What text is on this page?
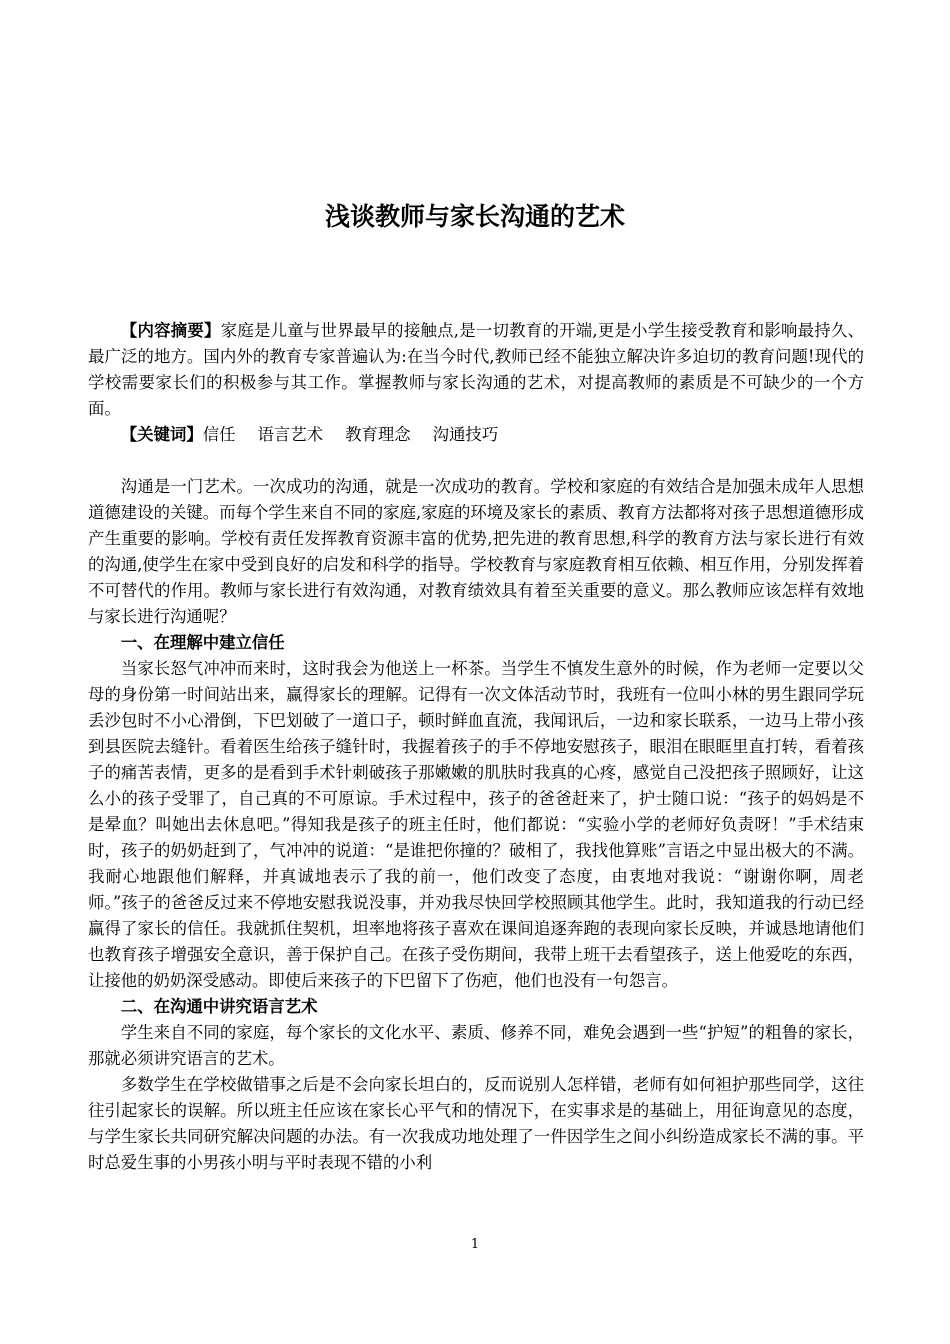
浅谈教师与家长沟通的艺术

【内容摘要】家庭是儿童与世界最早的接触点,是一切教育的开端,更是小学生接受教育和影响最持久、最广泛的地方。国内外的教育专家普遍认为:在当今时代,教师已经不能独立解决许多迫切的教育问题!现代的学校需要家长们的积极参与其工作。掌握教师与家长沟通的艺术，对提高教师的素质是不可缺少的一个方面。

【关键词】信任 语言艺术 教育理念 沟通技巧

沟通是一门艺术。一次成功的沟通，就是一次成功的教育。学校和家庭的有效结合是加强未成年人思想道德建设的关键。而每个学生来自不同的家庭,家庭的环境及家长的素质、教育方法都将对孩子思想道德形成产生重要的影响。学校有责任发挥教育资源丰富的优势,把先进的教育思想,科学的教育方法与家长进行有效的沟通,使学生在家中受到良好的启发和科学的指导。学校教育与家庭教育相互依赖、相互作用，分别发挥着不可替代的作用。教师与家长进行有效沟通，对教育绩效具有着至关重要的意义。那么教师应该怎样有效地与家长进行沟通呢？

一、在理解中建立信任

当家长怒气冲冲而来时，这时我会为他送上一杯茶。当学生不慎发生意外的时候，作为老师一定要以父母的身份第一时间站出来，赢得家长的理解。记得有一次文体活动节时，我班有一位叫小林的男生跟同学玩丢沙包时不小心滑倒，下巴划破了一道口子，顿时鲜血直流，我闻讯后，一边和家长联系，一边马上带小孩到县医院去缝针。看着医生给孩子缝针时，我握着孩子的手不停地安慰孩子，眼泪在眼眶里直打转，看着孩子的痛苦表情，更多的是看到手术针刺破孩子那嫩嫩的肌肤时我真的心疼，感觉自己没把孩子照顾好，让这么小的孩子受罪了，自己真的不可原谅。手术过程中，孩子的爸爸赶来了，护士随口说：“孩子的妈妈是不是晕血？叫她出去休息吧。”得知我是孩子的班主任时，他们都说：“实验小学的老师好负责呀！”手术结束时，孩子的奶奶赶到了，气冲冲的说道：“是谁把你撞的？破相了，我找他算账”言语之中显出极大的不满。我耐心地跟他们解释，并真诚地表示了我的前一，他们改变了态度，由衷地对我说：“谢谢你啊，周老师。”孩子的爸爸反过来不停地安慰我说没事，并劝我尽快回学校照顾其他学生。此时，我知道我的行动已经赢得了家长的信任。我就抓住契机，坦率地将孩子喜欢在课间追逐奔跑的表现向家长反映，并诚恳地请他们也教育孩子增强安全意识，善于保护自己。在孩子受伤期间，我带上班干去看望孩子，送上他爱吃的东西，让接他的奶奶深受感动。即使后来孩子的下巴留下了伤疤，他们也没有一句怨言。

二、在沟通中讲究语言艺术

学生来自不同的家庭，每个家长的文化水平、素质、修养不同，难免会遇到一些“护短”的粗鲁的家长，那就必须讲究语言的艺术。

多数学生在学校做错事之后是不会向家长坦白的，反而说别人怎样错，老师有如何袒护那些同学，这往往引起家长的误解。所以班主任应该在家长心平气和的情况下，在实事求是的基础上，用征询意见的态度，与学生家长共同研究解决问题的办法。有一次我成功地处理了一件因学生之间小纠纷造成家长不满的事。平时总爱生事的小男孩小明与平时表现不错的小利

1
